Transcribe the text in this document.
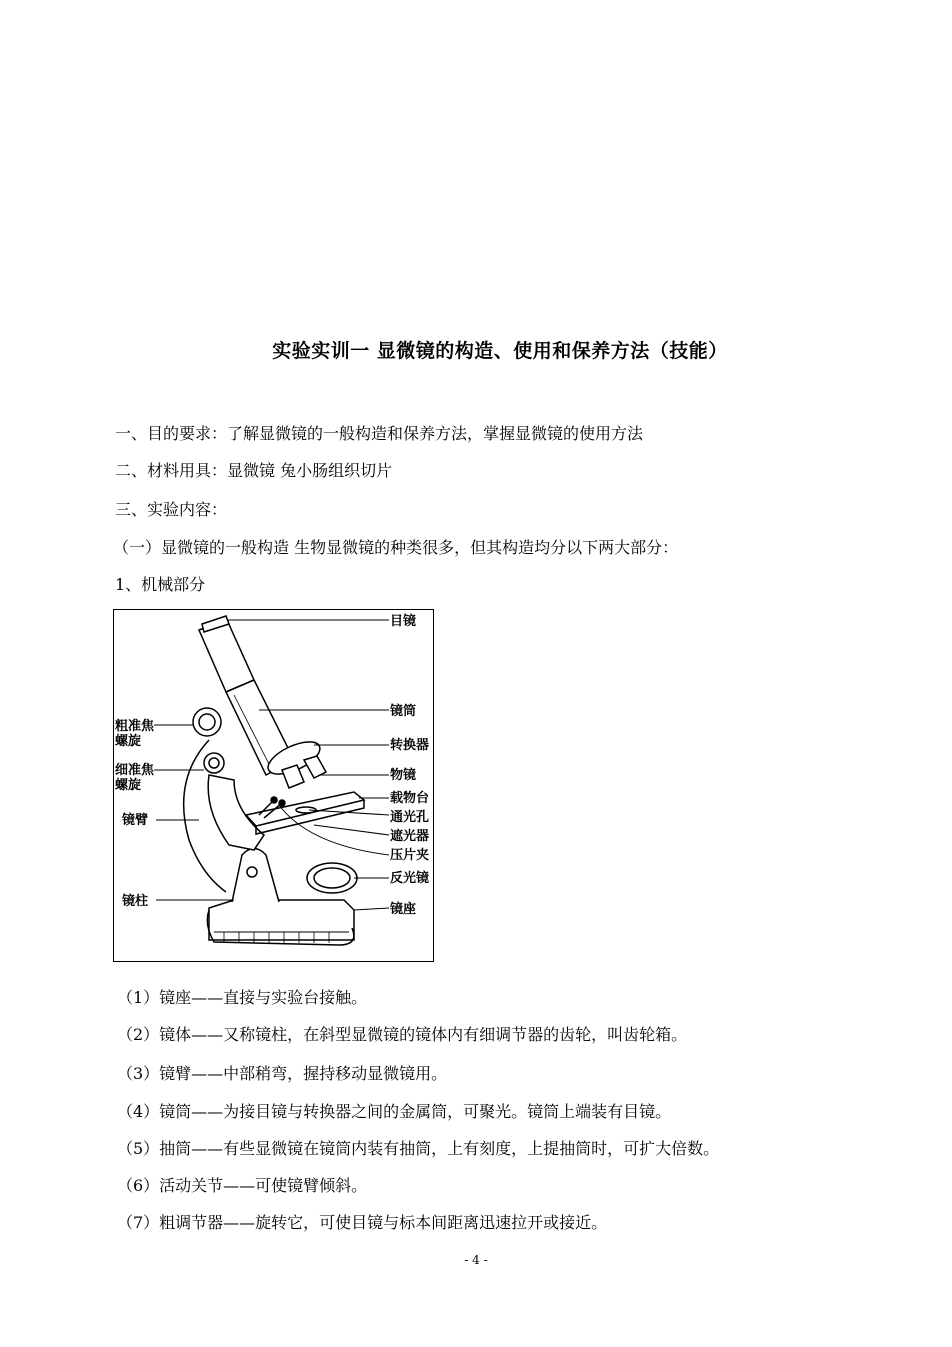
实验实训一 显微镜的构造、使用和保养方法（技能）
一、目的要求：了解显微镜的一般构造和保养方法，掌握显微镜的使用方法
二、材料用具：显微镜 兔小肠组织切片
三、实验内容：
（一）显微镜的一般构造 生物显微镜的种类很多，但其构造均分以下两大部分：
1、机械部分
目镜
镜筒
转换器
物镜
载物台
通光孔
遮光器
压片夹
反光镜
镜座
粗准焦
螺旋
细准焦
螺旋
镜臂
镜柱
（1）镜座——直接与实验台接触。
（2）镜体——又称镜柱，在斜型显微镜的镜体内有细调节器的齿轮，叫齿轮箱。
（3）镜臂——中部稍弯，握持移动显微镜用。
（4）镜筒——为接目镜与转换器之间的金属筒，可聚光。镜筒上端装有目镜。
（5）抽筒——有些显微镜在镜筒内装有抽筒，上有刻度，上提抽筒时，可扩大倍数。
（6）活动关节——可使镜臂倾斜。
（7）粗调节器——旋转它，可使目镜与标本间距离迅速拉开或接近。
- 4 -
